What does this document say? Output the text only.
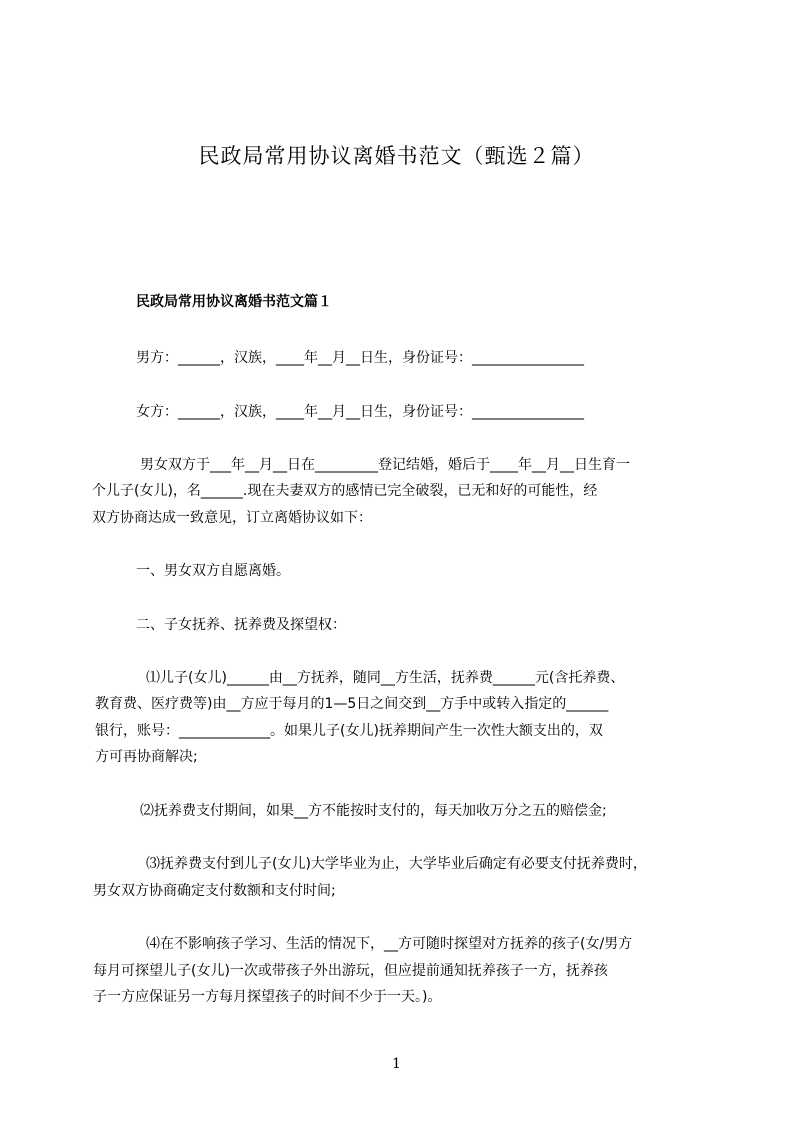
民政局常用协议离婚书范文（甄选２篇）
民政局常用协议离婚书范文篇１

男方：______，汉族，____年__月__日生，身份证号：________________

女方：______，汉族，____年__月__日生，身份证号：________________

男女双方于___年__月__日在_________登记结婚，婚后于____年__月__日生育一
个儿子(女儿)，名______.现在夫妻双方的感情已完全破裂，已无和好的可能性，经
双方协商达成一致意见，订立离婚协议如下：

一、男女双方自愿离婚。

二、子女抚养、抚养费及探望权：

⑴儿子(女儿)______由__方抚养，随同__方生活，抚养费______元(含托养费、
教育费、医疗费等)由__方应于每月的1—5日之间交到__方手中或转入指定的______
银行，账号：_____________。如果儿子(女儿)抚养期间产生一次性大额支出的，双
方可再协商解决;

⑵抚养费支付期间，如果__方不能按时支付的，每天加收万分之五的赔偿金;

⑶抚养费支付到儿子(女儿)大学毕业为止，大学毕业后确定有必要支付抚养费时，
男女双方协商确定支付数额和支付时间;

⑷在不影响孩子学习、生活的情况下，__方可随时探望对方抚养的孩子(女/男方
每月可探望儿子(女儿)一次或带孩子外出游玩，但应提前通知抚养孩子一方，抚养孩
子一方应保证另一方每月探望孩子的时间不少于一天。)。

1
